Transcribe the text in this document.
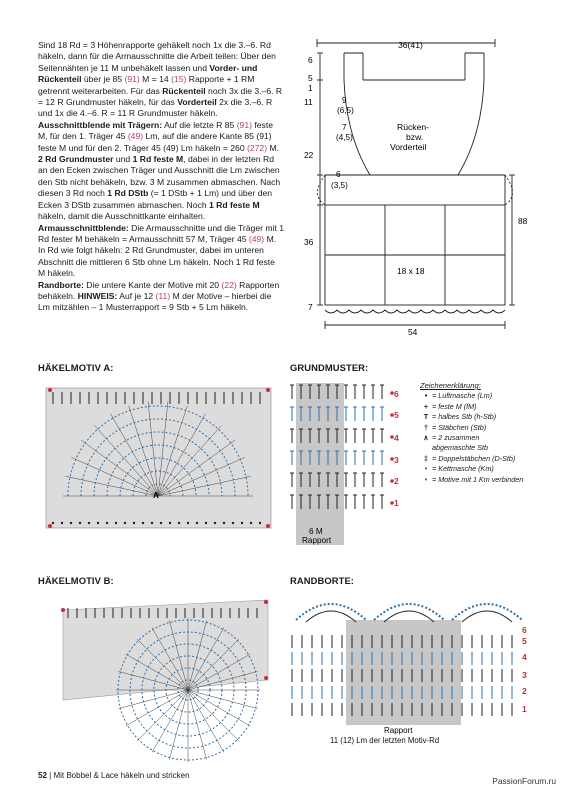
Sind 18 Rd = 3 Höhenrapporte gehäkelt noch 1x die 3.–6. Rd häkeln, dann für die Armausschnitte die Arbeit teilen: Über den Seitennähten je 11 M unbehäkelt lassen und Vorder- und Rückenteil über je 85 (91) M = 14 (15) Rapporte + 1 RM getrennt weiterarbeiten. Für das Rückenteil noch 3x die 3.–6. R = 12 R Grundmuster häkeln, für das Vorderteil 2x die 3.–6. R und 1x die 4.–6. R = 11 R Grundmuster häkeln.

Ausschnittblende mit Trägern: Auf die letzte R 85 (91) feste M, für den 1. Träger 45 (49) Lm, auf die andere Kante 85 (91) feste M und für den 2. Träger 45 (49) Lm häkeln = 260 (272) M. 2 Rd Grundmuster und 1 Rd feste M, dabei in der letzten Rd an den Ecken zwischen Träger und Ausschnitt die Lm zwischen den Stb nicht behäkeln, bzw. 3 M zusammen abmaschen. Nach diesen 3 Rd noch 1 Rd DStb (= 1 DStb + 1 Lm) und über den Ecken 3 DStb zusammen abmaschen. Noch 1 Rd feste M häkeln, damit die Ausschnittkante einhalten.

Armausschnittblende: Die Armausschnitte und die Träger mit 1 Rd fester M behäkeln = Armausschnitt 57 M, Träger 45 (49) M. In Rd wie folgt häkeln: 2 Rd Grundmuster, dabei im unteren Abschnitt die mittleren 6 Stb ohne Lm häkeln. Noch 1 Rd feste M häkeln.

Randborte: Die untere Kante der Motive mit 20 (22) Rapporten behäkeln. HINWEIS: Auf je 12 (11) M der Motive – hierbei die Lm mitzählen – 1 Musterrapport = 9 Stb + 5 Lm häkeln.

36(41)
6
5
1
11	9
(6,5)
7
(4,5)
Rücken-
bzw.
Vorderteil
22
6
(3,5)
88
36
18 x 18
7
54
HÄKELMOTIV A:	GRUNDMUSTER:
HÄKELMOTIV B:	RANDBORTE:
A
6 M
Rapport
6
5
4
3
2
1
Zeichenerklärung:
• = Luftmasche (Lm)
+ = feste M (fM)
T = halbes Stb (h-Stb)
† = Stäbchen (Stb)
∧ = 2 zusammen
abgemaschte Stb
‡ = Doppelstäbchen (D-Stb)
• = Kettmasche (Km)
• = Motive mit 1 Km verbinden
Rapport
11 (12) Lm der letzten Motiv-Rd
6
5
4
3
2
1
52 | Mit Bobbel & Lace häkeln und stricken
PassionForum.ru
